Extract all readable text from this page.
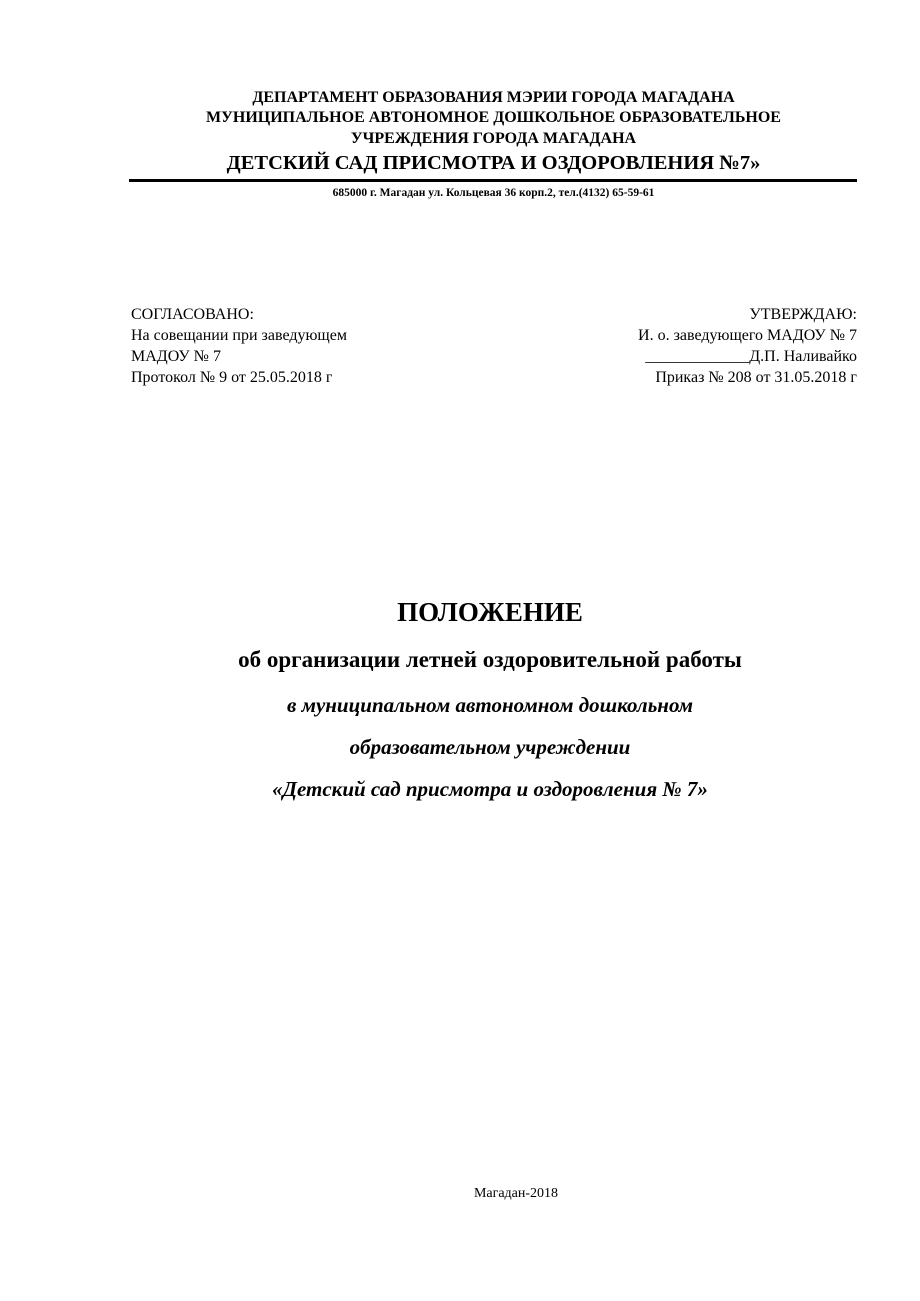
ДЕПАРТАМЕНТ ОБРАЗОВАНИЯ МЭРИИ ГОРОДА МАГАДАНА
МУНИЦИПАЛЬНОЕ АВТОНОМНОЕ ДОШКОЛЬНОЕ ОБРАЗОВАТЕЛЬНОЕ
УЧРЕЖДЕНИЯ ГОРОДА МАГАДАНА
ДЕТСКИЙ САД ПРИСМОТРА И ОЗДОРОВЛЕНИЯ №7»
685000 г. Магадан ул. Кольцевая 36 корп.2, тел.(4132) 65-59-61
СОГЛАСОВАНО:
На совещании при заведующем
МАДОУ № 7
Протокол № 9 от 25.05.2018 г
УТВЕРЖДАЮ:
И. о. заведующего МАДОУ № 7
_____________Д.П. Наливайко
Приказ № 208 от 31.05.2018 г
ПОЛОЖЕНИЕ
об организации летней оздоровительной работы
в муниципальном автономном дошкольном
образовательном учреждении
«Детский сад присмотра и оздоровления № 7»
Магадан-2018
